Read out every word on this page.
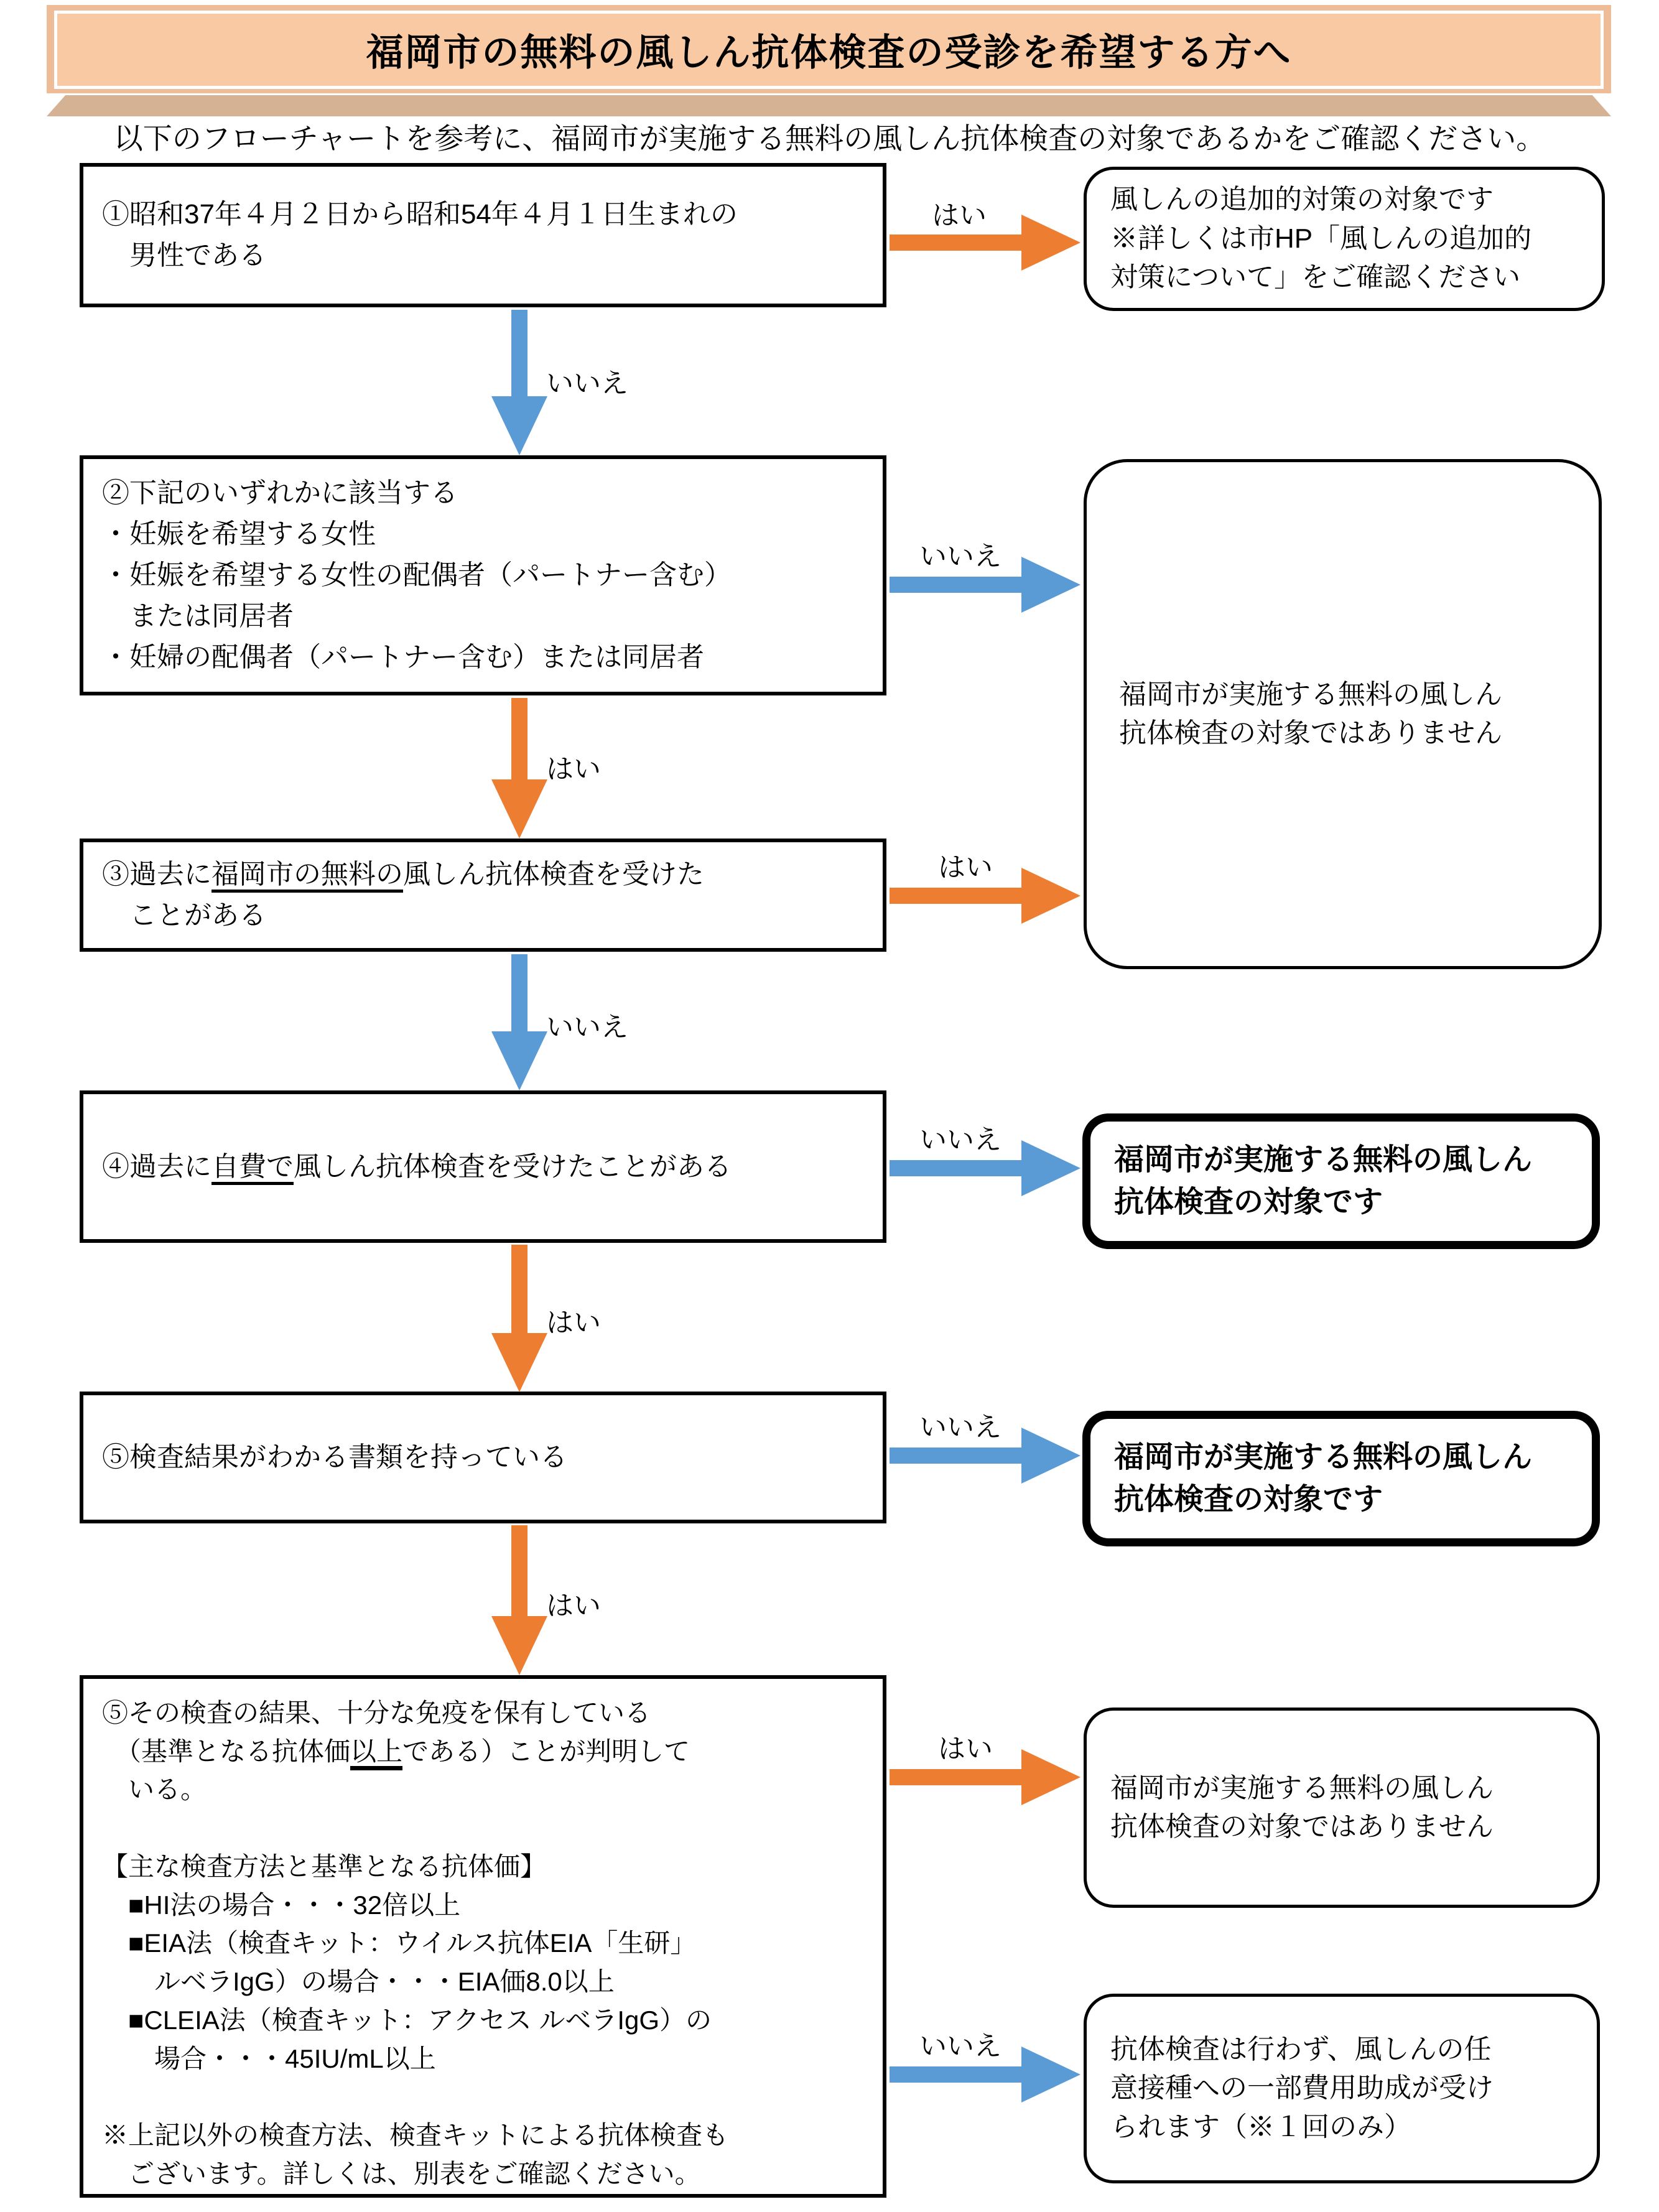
福岡市の無料の風しん抗体検査の受診を希望する方へ
以下のフローチャートを参考に、福岡市が実施する無料の風しん抗体検査の対象であるかをご確認ください。
①昭和37年４月２日から昭和54年４月１日生まれの
　男性である
②下記のいずれかに該当する
・妊娠を希望する女性
・妊娠を希望する女性の配偶者（パートナー含む）
　または同居者
・妊婦の配偶者（パートナー含む）または同居者
③過去に福岡市の無料の風しん抗体検査を受けた
　ことがある
④過去に自費で風しん抗体検査を受けたことがある
⑤検査結果がわかる書類を持っている
⑤その検査の結果、十分な免疫を保有している
　（基準となる抗体価以上である）ことが判明して
　いる。

【主な検査方法と基準となる抗体価】
　■HI法の場合・・・32倍以上
　■EIA法（検査キット：ウイルス抗体EIA「生研」
　　ルベラIgG）の場合・・・EIA価8.0以上
　■CLEIA法（検査キット：アクセス ルベラIgG）の
　　場合・・・45IU/mL以上

※上記以外の検査方法、検査キットによる抗体検査も
　ございます。詳しくは、別表をご確認ください。
風しんの追加的対策の対象です
※詳しくは市HP「風しんの追加的
対策について」をご確認ください
福岡市が実施する無料の風しん
抗体検査の対象ではありません
福岡市が実施する無料の風しん
抗体検査の対象です
福岡市が実施する無料の風しん
抗体検査の対象です
福岡市が実施する無料の風しん
抗体検査の対象ではありません
抗体検査は行わず、風しんの任
意接種への一部費用助成が受け
られます（※１回のみ）
いいえ
はい
いいえ
はい
はい
はい
いいえ
はい
いいえ
いいえ
はい
いいえ
